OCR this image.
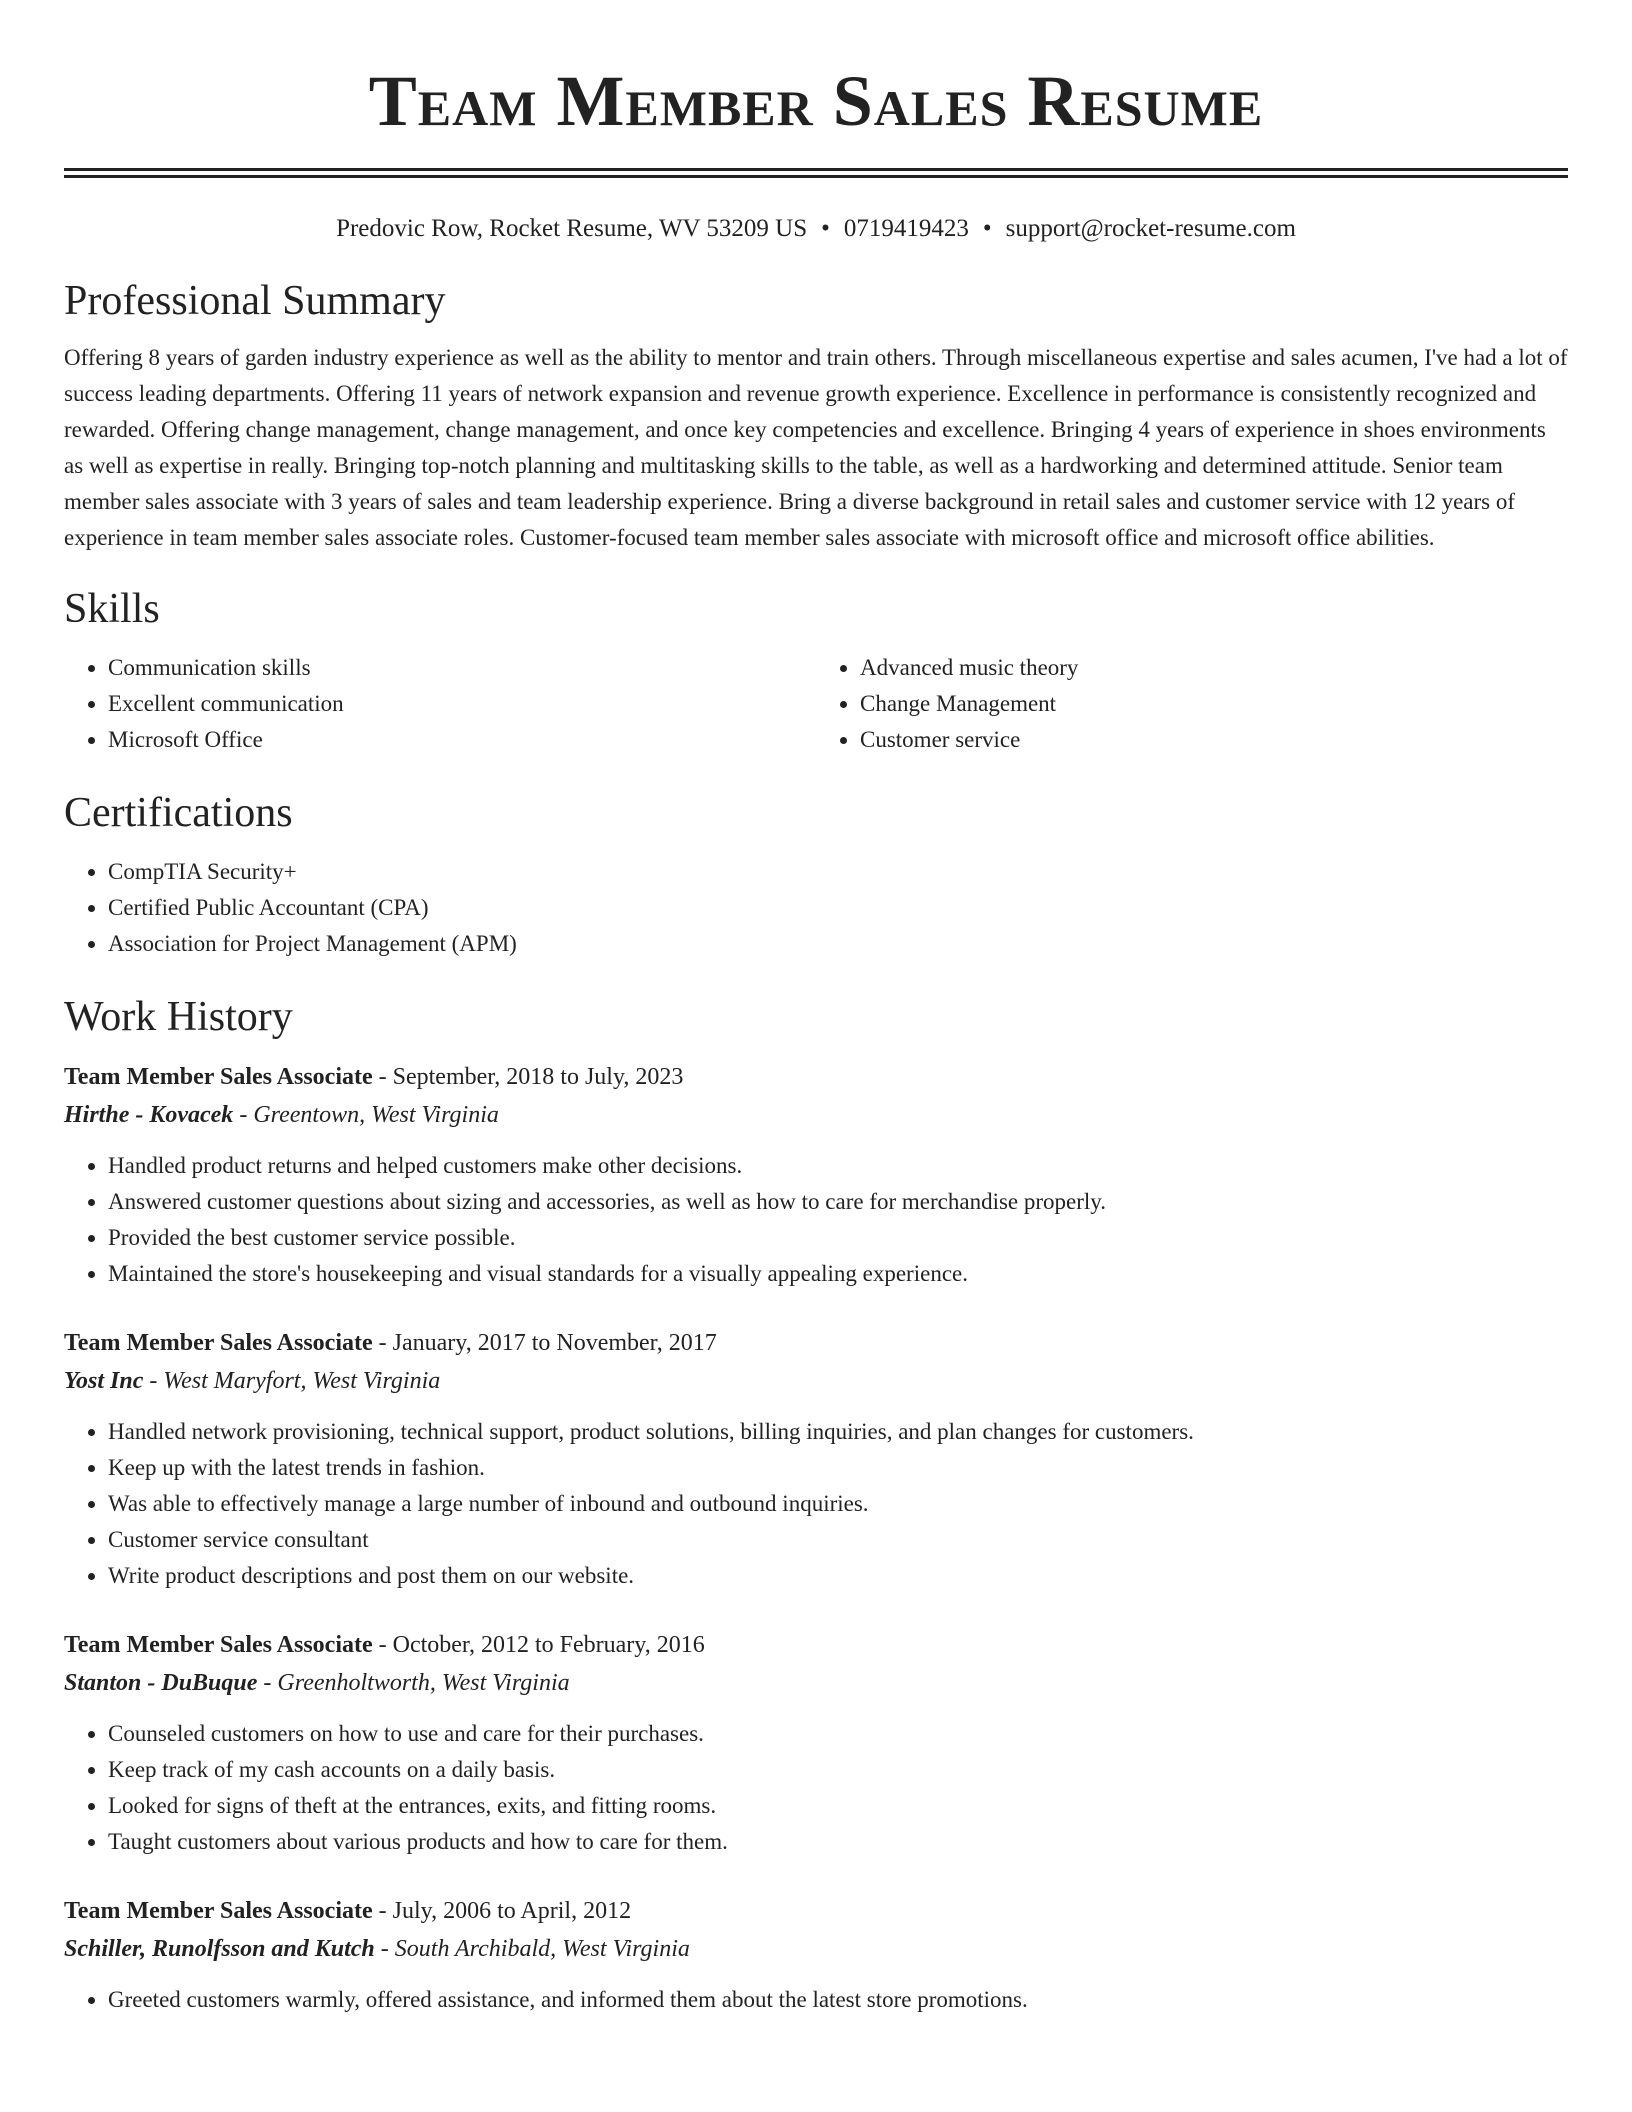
Team Member Sales Resume
Predovic Row, Rocket Resume, WV 53209 US • 0719419423 • support@rocket-resume.com
Professional Summary

Offering 8 years of garden industry experience as well as the ability to mentor and train others. Through miscellaneous expertise and sales acumen, I've had a lot of success leading departments. Offering 11 years of network expansion and revenue growth experience. Excellence in performance is consistently recognized and rewarded. Offering change management, change management, and once key competencies and excellence. Bringing 4 years of experience in shoes environments as well as expertise in really. Bringing top-notch planning and multitasking skills to the table, as well as a hardworking and determined attitude. Senior team member sales associate with 3 years of sales and team leadership experience. Bring a diverse background in retail sales and customer service with 12 years of experience in team member sales associate roles. Customer-focused team member sales associate with microsoft office and microsoft office abilities.

Skills
• Communication skills
• Excellent communication
• Microsoft Office
• Advanced music theory
• Change Management
• Customer service
Certifications
• CompTIA Security+
• Certified Public Accountant (CPA)
• Association for Project Management (APM)
Work History
Team Member Sales Associate - September, 2018 to July, 2023
Hirthe - Kovacek - Greentown, West Virginia
• Handled product returns and helped customers make other decisions.
• Answered customer questions about sizing and accessories, as well as how to care for merchandise properly.
• Provided the best customer service possible.
• Maintained the store's housekeeping and visual standards for a visually appealing experience.
Team Member Sales Associate - January, 2017 to November, 2017
Yost Inc - West Maryfort, West Virginia
• Handled network provisioning, technical support, product solutions, billing inquiries, and plan changes for customers.
• Keep up with the latest trends in fashion.
• Was able to effectively manage a large number of inbound and outbound inquiries.
• Customer service consultant
• Write product descriptions and post them on our website.
Team Member Sales Associate - October, 2012 to February, 2016
Stanton - DuBuque - Greenholtworth, West Virginia
• Counseled customers on how to use and care for their purchases.
• Keep track of my cash accounts on a daily basis.
• Looked for signs of theft at the entrances, exits, and fitting rooms.
• Taught customers about various products and how to care for them.
Team Member Sales Associate - July, 2006 to April, 2012
Schiller, Runolfsson and Kutch - South Archibald, West Virginia
• Greeted customers warmly, offered assistance, and informed them about the latest store promotions.
